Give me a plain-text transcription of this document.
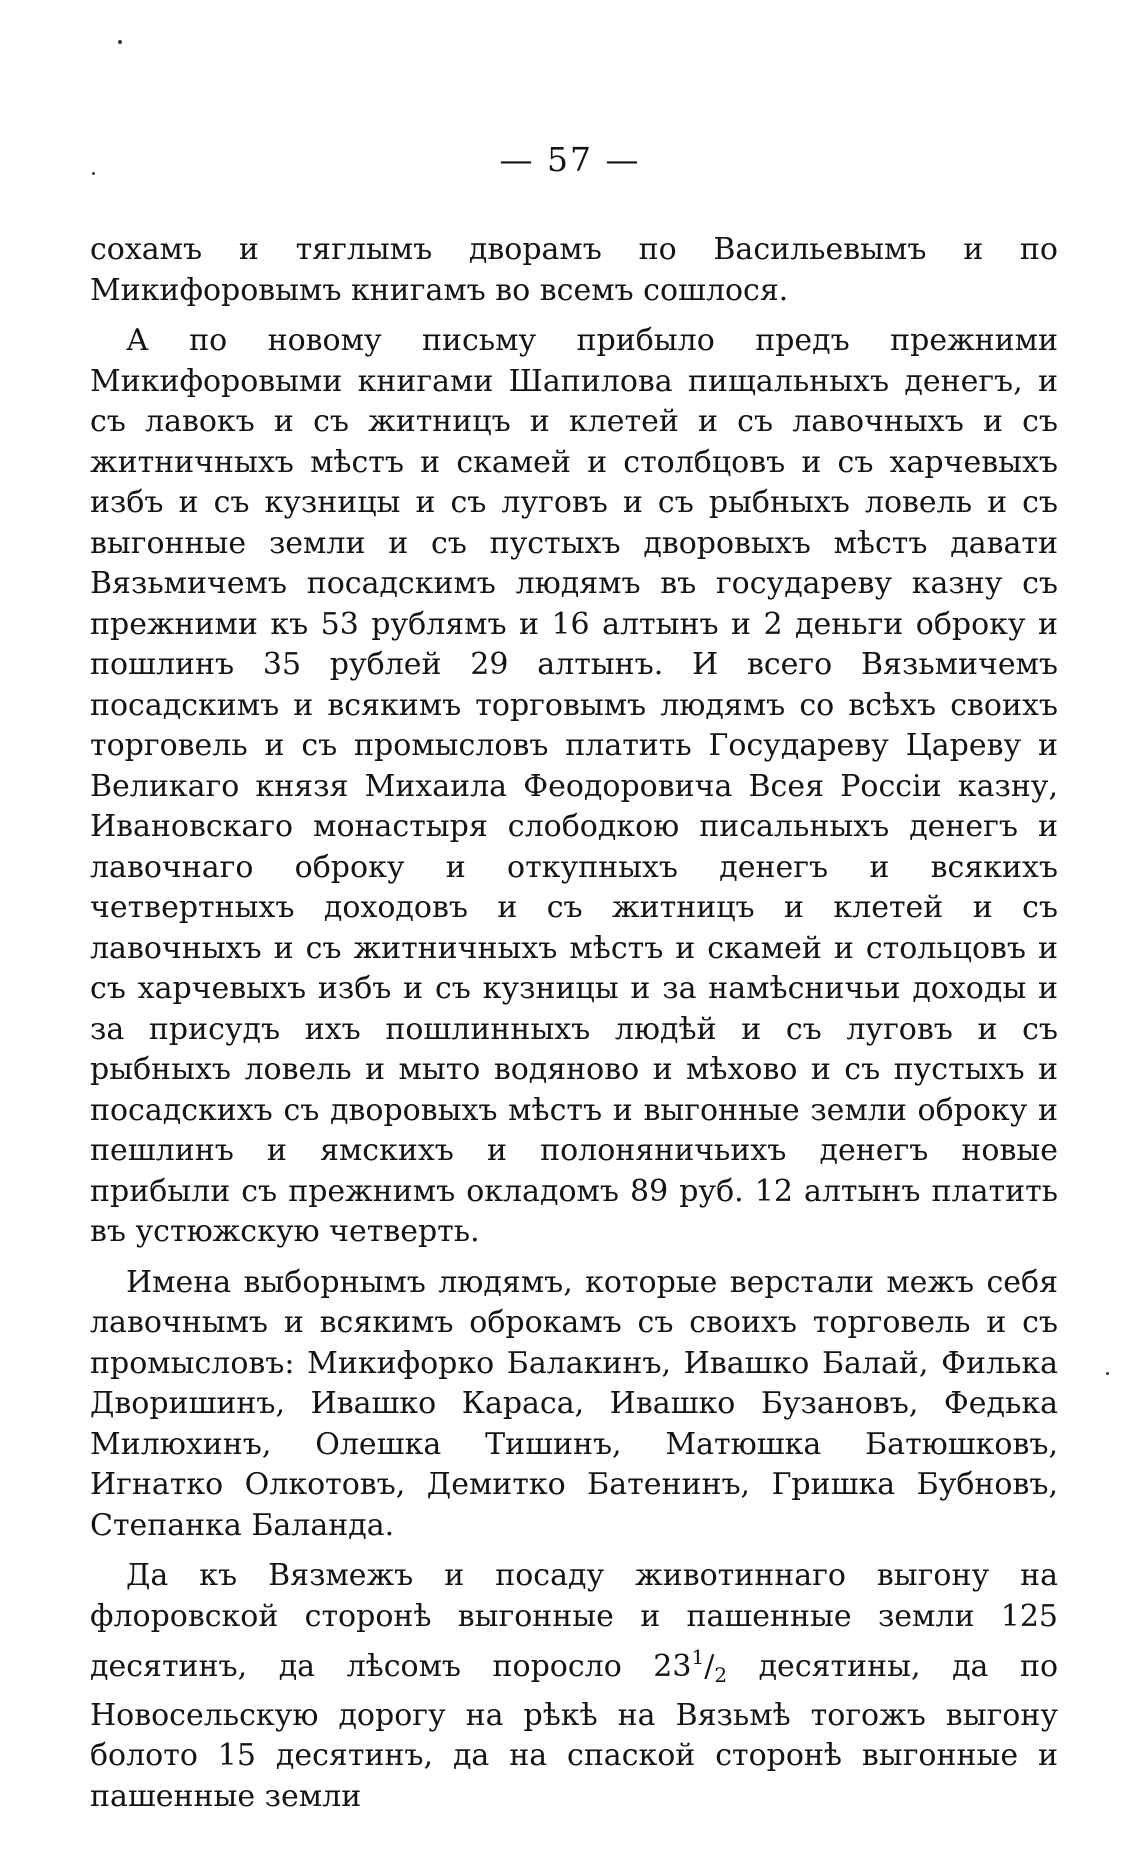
— 57 —

сохамъ и тяглымъ дворамъ по Васильевымъ и по Микифоровымъ книгамъ во всемъ сошлося.

А по новому письму прибыло предъ прежними Микифоровыми книгами Шапилова пищальныхъ денегъ, и съ лавокъ и съ житницъ и клетей и съ лавочныхъ и съ житничныхъ мѣстъ и скамей и столбцовъ и съ харчевыхъ избъ и съ кузницы и съ луговъ и съ рыбныхъ ловель и съ выгонные земли и съ пустыхъ дворовыхъ мѣстъ давати Вязьмичемъ посадскимъ людямъ въ государеву казну съ прежними къ 53 рублямъ и 16 алтынъ и 2 деньги оброку и пошлинъ 35 рублей 29 алтынъ. И всего Вязьмичемъ посадскимъ и всякимъ торговымъ людямъ со всѣхъ своихъ торговель и съ промысловъ платить Государеву Цареву и Великаго князя Михаила Феодоровича Всея Россіи казну, Ивановскаго монастыря слободкою писальныхъ денегъ и лавочнаго оброку и откупныхъ денегъ и всякихъ четвертныхъ доходовъ и съ житницъ и клетей и съ лавочныхъ и съ житничныхъ мѣстъ и скамей и стольцовъ и съ харчевыхъ избъ и съ кузницы и за намѣсничьи доходы и за присудъ ихъ пошлинныхъ людѣй и съ луговъ и съ рыбныхъ ловель и мыто водяново и мѣхово и съ пустыхъ и посадскихъ съ дворовыхъ мѣстъ и выгонные земли оброку и пешлинъ и ямскихъ и полоняничьихъ денегъ новые прибыли съ прежнимъ окладомъ 89 руб. 12 алтынъ платить въ устюжскую четверть.

Имена выборнымъ людямъ, которые верстали межъ себя лавочнымъ и всякимъ оброкамъ съ своихъ торговель и съ промысловъ: Микифорко Балакинъ, Ивашко Балай, Филька Дворишинъ, Ивашко Караса, Ивашко Бузановъ, Федька Милюхинъ, Олешка Тишинъ, Матюшка Батюшковъ, Игнатко Олкотовъ, Демитко Батенинъ, Гришка Бубновъ, Степанка Баланда.

Да къ Вязмежъ и посаду животиннаго выгону на флоровской сторонѣ выгонные и пашенные земли 125 десятинъ, да лѣсомъ поросло $23^1/_2$ десятины, да по Новосельскую дорогу на рѣкѣ на Вязьмѣ тогожъ выгону болото 15 десятинъ, да на спаской сторонѣ выгонные и пашенные земли
